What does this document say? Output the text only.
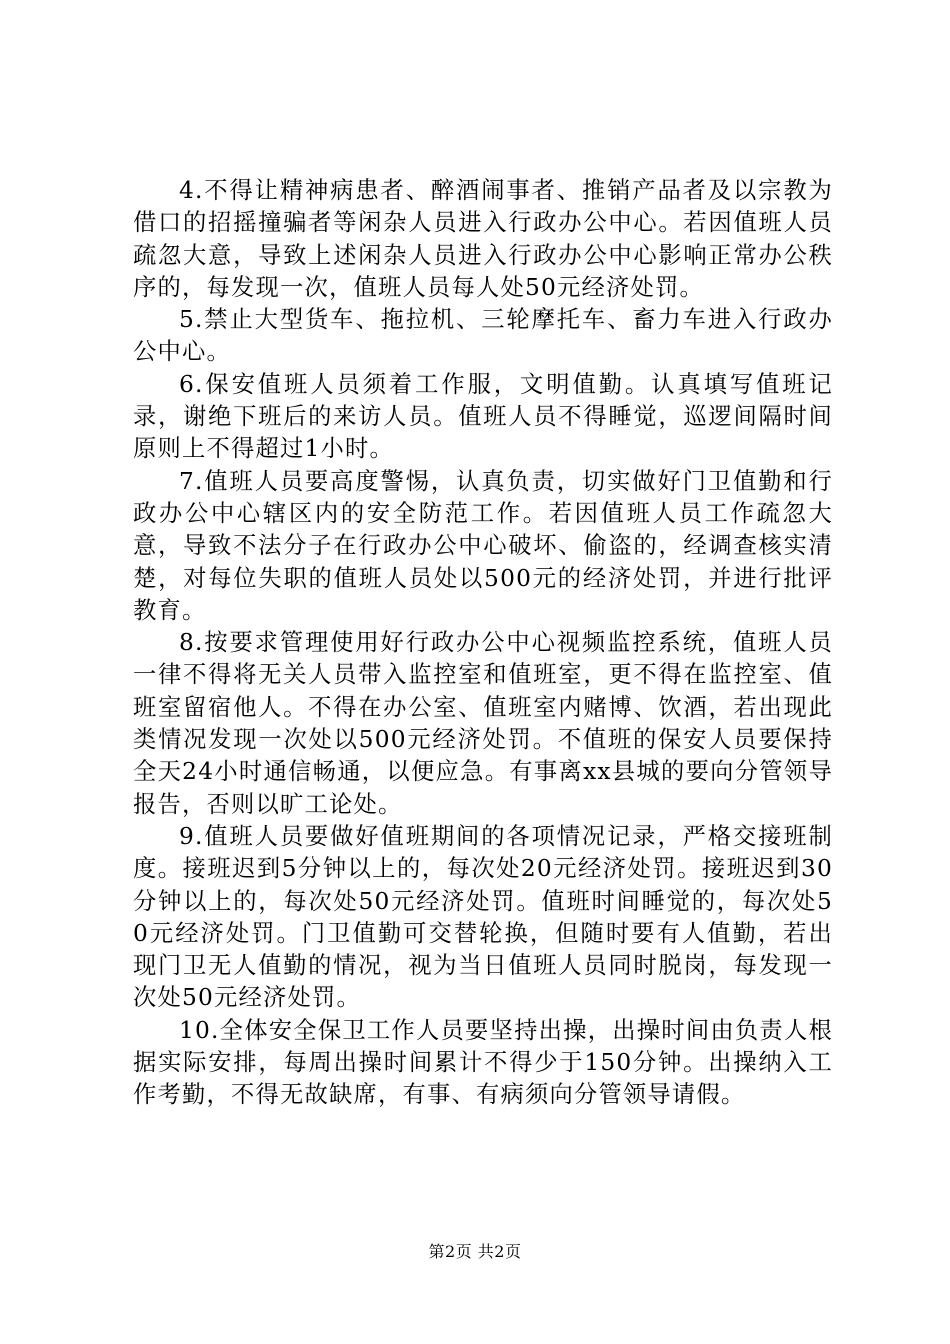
4.不得让精神病患者、醉酒闹事者、推销产品者及以宗教为借口的招摇撞骗者等闲杂人员进入行政办公中心。若因值班人员疏忽大意，导致上述闲杂人员进入行政办公中心影响正常办公秩序的，每发现一次，值班人员每人处50元经济处罚。

5.禁止大型货车、拖拉机、三轮摩托车、畜力车进入行政办公中心。

6.保安值班人员须着工作服，文明值勤。认真填写值班记录，谢绝下班后的来访人员。值班人员不得睡觉，巡逻间隔时间原则上不得超过1小时。

7.值班人员要高度警惕，认真负责，切实做好门卫值勤和行政办公中心辖区内的安全防范工作。若因值班人员工作疏忽大意，导致不法分子在行政办公中心破坏、偷盗的，经调查核实清楚，对每位失职的值班人员处以500元的经济处罚，并进行批评教育。

8.按要求管理使用好行政办公中心视频监控系统，值班人员一律不得将无关人员带入监控室和值班室，更不得在监控室、值班室留宿他人。不得在办公室、值班室内赌博、饮酒，若出现此类情况发现一次处以500元经济处罚。不值班的保安人员要保持全天24小时通信畅通，以便应急。有事离xx县城的要向分管领导报告，否则以旷工论处。

9.值班人员要做好值班期间的各项情况记录，严格交接班制度。接班迟到5分钟以上的，每次处20元经济处罚。接班迟到30分钟以上的，每次处50元经济处罚。值班时间睡觉的，每次处50元经济处罚。门卫值勤可交替轮换，但随时要有人值勤，若出现门卫无人值勤的情况，视为当日值班人员同时脱岗，每发现一次处50元经济处罚。

10.全体安全保卫工作人员要坚持出操，出操时间由负责人根据实际安排，每周出操时间累计不得少于150分钟。出操纳入工作考勤，不得无故缺席，有事、有病须向分管领导请假。

第2页 共2页
